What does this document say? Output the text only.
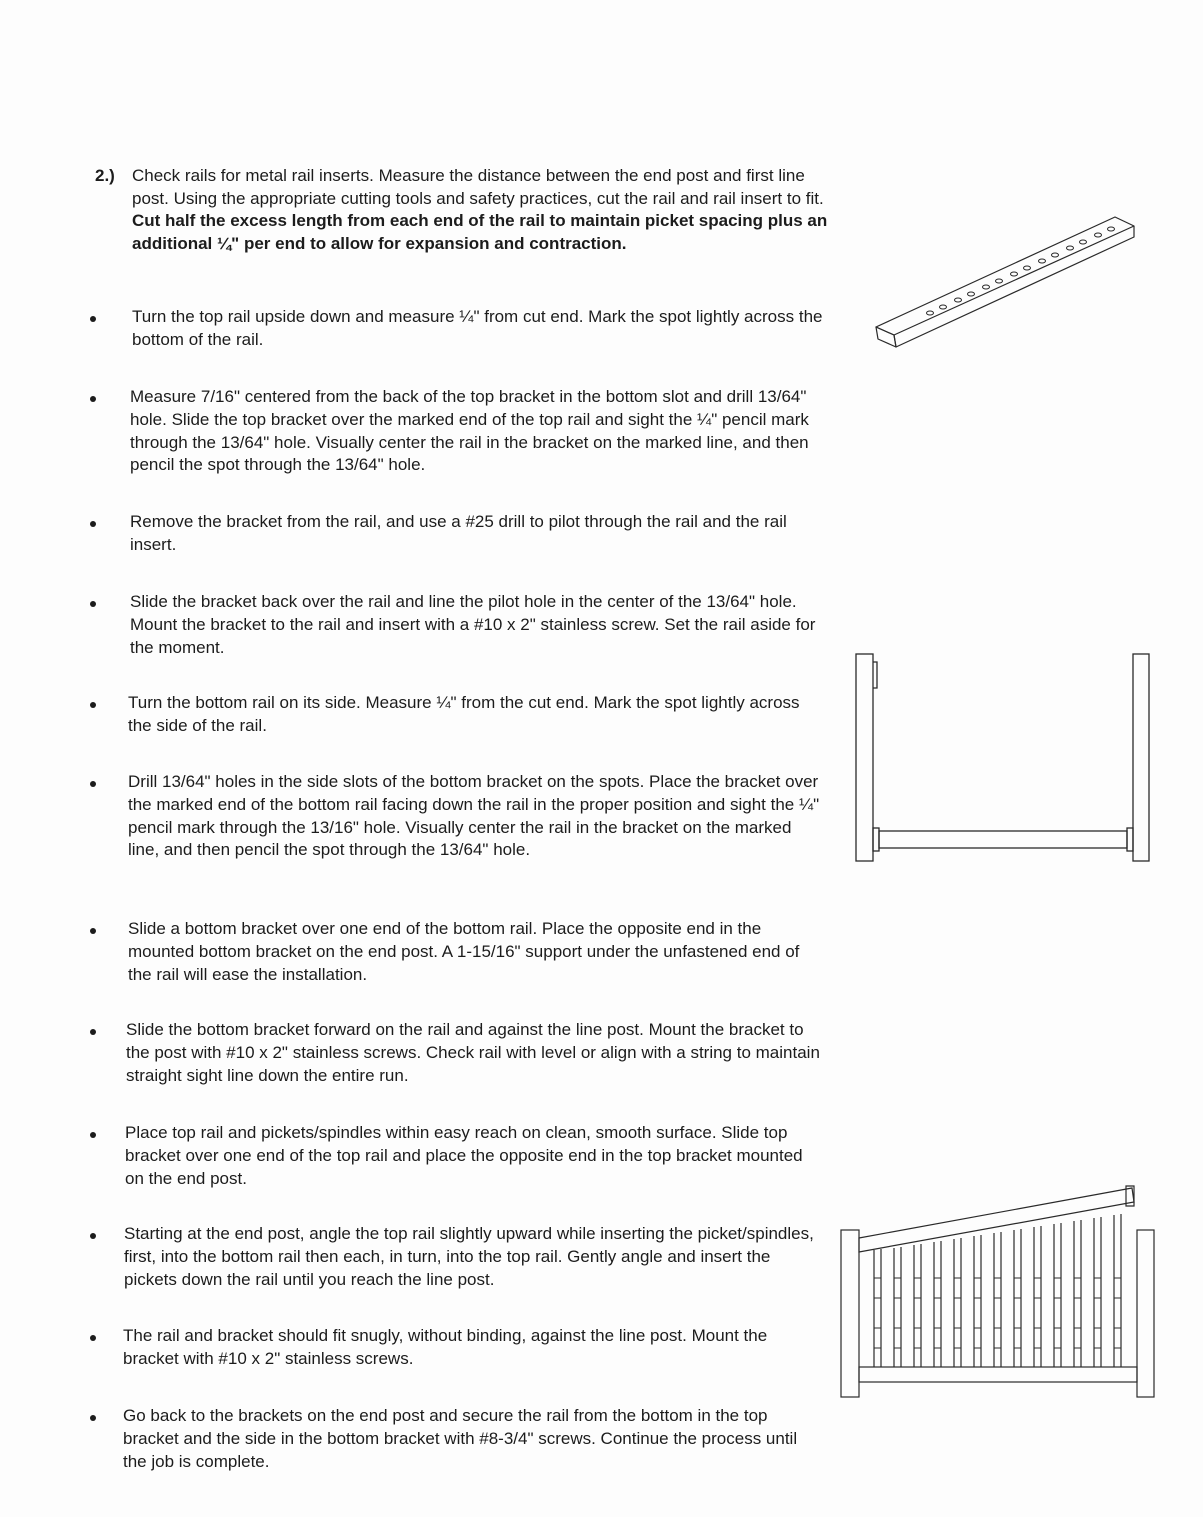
2.) Check rails for metal rail inserts. Measure the distance between the end post and first line post. Using the appropriate cutting tools and safety practices, cut the rail and rail insert to fit. Cut half the excess length from each end of the rail to maintain picket spacing plus an additional ¼" per end to allow for expansion and contraction.
Turn the top rail upside down and measure ¼" from cut end. Mark the spot lightly across the bottom of the rail.
Measure 7/16" centered from the back of the top bracket in the bottom slot and drill 13/64" hole. Slide the top bracket over the marked end of the top rail and sight the ¼" pencil mark through the 13/64" hole. Visually center the rail in the bracket on the marked line, and then pencil the spot through the 13/64" hole.
Remove the bracket from the rail, and use a #25 drill to pilot through the rail and the rail insert.
Slide the bracket back over the rail and line the pilot hole in the center of the 13/64" hole. Mount the bracket to the rail and insert with a #10 x 2" stainless screw. Set the rail aside for the moment.
Turn the bottom rail on its side. Measure ¼" from the cut end. Mark the spot lightly across the side of the rail.
Drill 13/64" holes in the side slots of the bottom bracket on the spots. Place the bracket over the marked end of the bottom rail facing down the rail in the proper position and sight the ¼" pencil mark through the 13/16" hole. Visually center the rail in the bracket on the marked line, and then pencil the spot through the 13/64" hole.
Slide a bottom bracket over one end of the bottom rail. Place the opposite end in the mounted bottom bracket on the end post. A 1-15/16" support under the unfastened end of the rail will ease the installation.
Slide the bottom bracket forward on the rail and against the line post. Mount the bracket to the post with #10 x 2" stainless screws. Check rail with level or align with a string to maintain straight sight line down the entire run.
Place top rail and pickets/spindles within easy reach on clean, smooth surface. Slide top bracket over one end of the top rail and place the opposite end in the top bracket mounted on the end post.
Starting at the end post, angle the top rail slightly upward while inserting the picket/spindles, first, into the bottom rail then each, in turn, into the top rail. Gently angle and insert the pickets down the rail until you reach the line post.
The rail and bracket should fit snugly, without binding, against the line post. Mount the bracket with #10 x 2" stainless screws.
Go back to the brackets on the end post and secure the rail from the bottom in the top bracket and the side in the bottom bracket with #8-3/4" screws. Continue the process until the job is complete.
